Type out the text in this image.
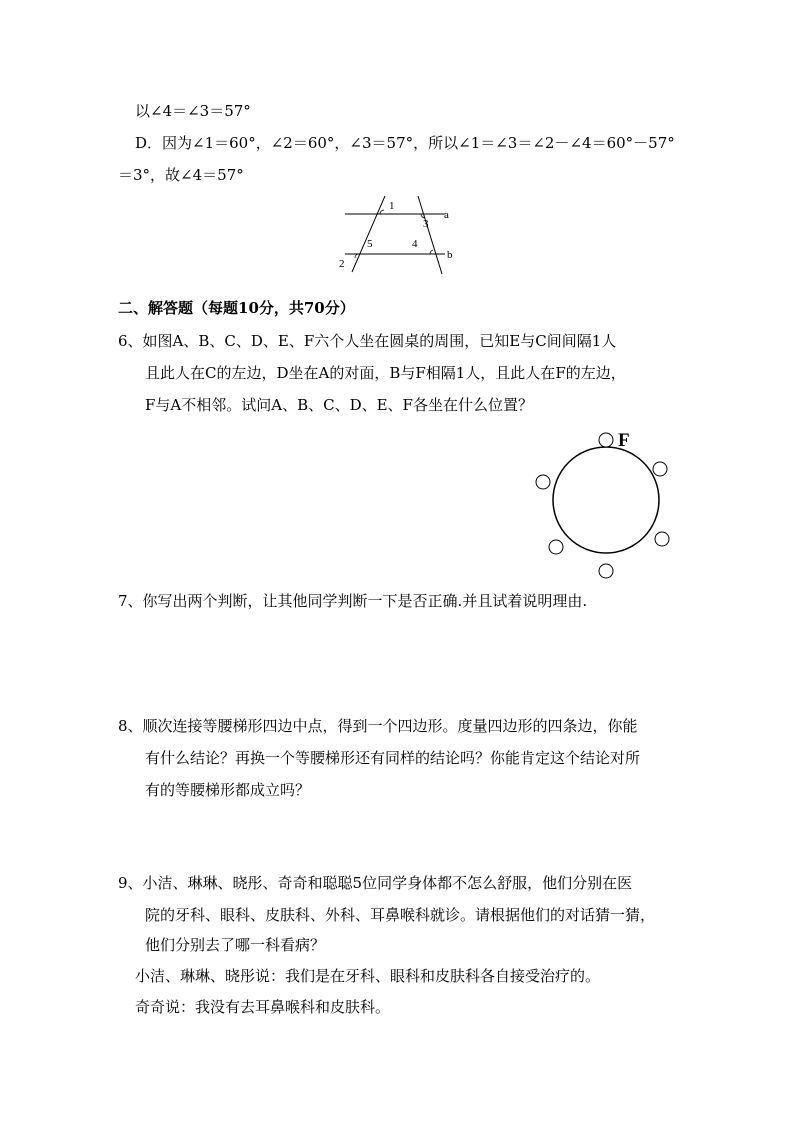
以∠4＝∠3＝57°
D．因为∠1＝60°，∠2＝60°，∠3＝57°，所以∠1＝∠3＝∠2－∠4＝60°－57°
＝3°，故∠4＝57°
1
3
a
5	4
b
2
二、解答题（每题10分，共70分）
6、如图A、B、C、D、E、F六个人坐在圆桌的周围，已知E与C间间隔1人
且此人在C的左边，D坐在A的对面，B与F相隔1人，且此人在F的左边，
F与A不相邻。试问A、B、C、D、E、F各坐在什么位置？
F
7、你写出两个判断，让其他同学判断一下是否正确.并且试着说明理由.
8、顺次连接等腰梯形四边中点，得到一个四边形。度量四边形的四条边，你能
有什么结论？再换一个等腰梯形还有同样的结论吗？你能肯定这个结论对所
有的等腰梯形都成立吗？
9、小洁、琳琳、晓彤、奇奇和聪聪5位同学身体都不怎么舒服，他们分别在医
院的牙科、眼科、皮肤科、外科、耳鼻喉科就诊。请根据他们的对话猜一猜，
他们分别去了哪一科看病？
小洁、琳琳、晓彤说：我们是在牙科、眼科和皮肤科各自接受治疗的。
奇奇说：我没有去耳鼻喉科和皮肤科。
